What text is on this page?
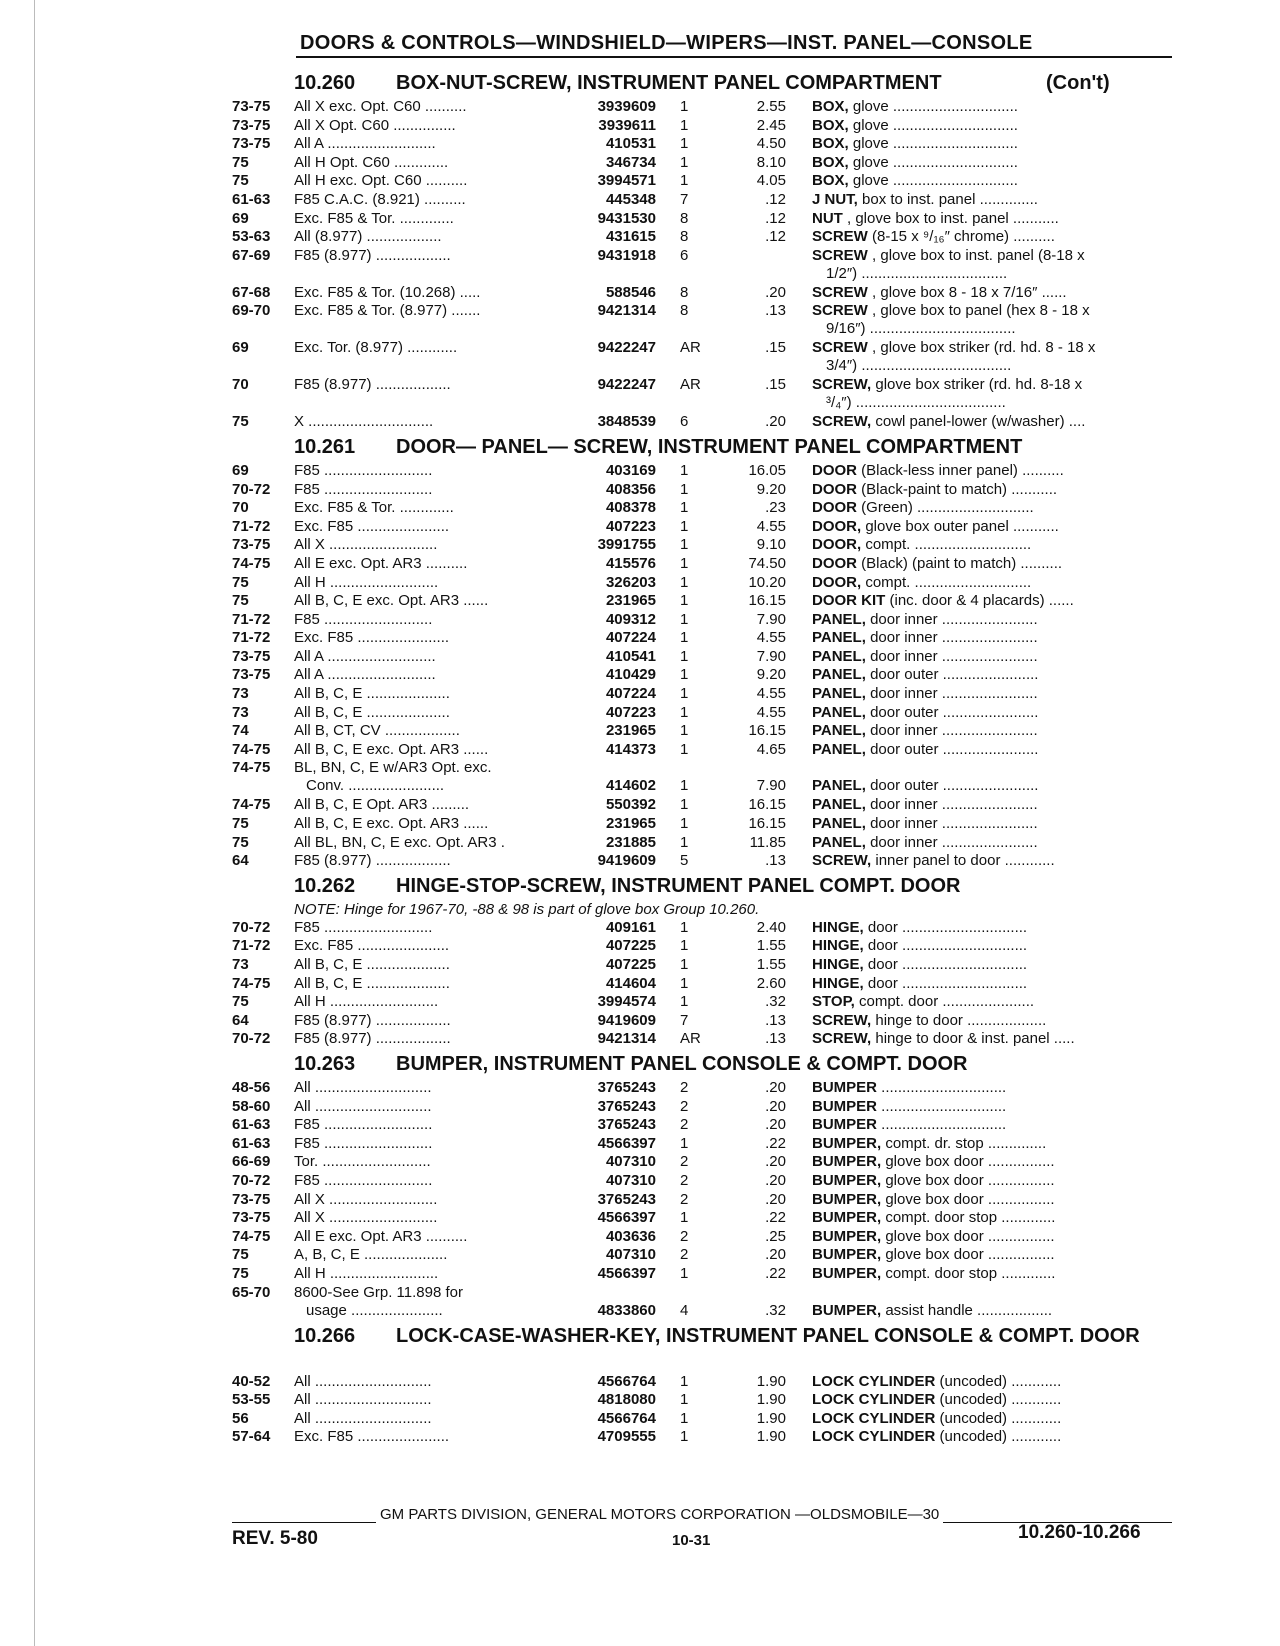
DOORS & CONTROLS—WINDSHIELD—WIPERS—INST. PANEL—CONSOLE
10.260 BOX-NUT-SCREW, INSTRUMENT PANEL COMPARTMENT	(Con't)
73-75 All X exc. Opt. C60 ..........	3939609 1	2.55 BOX, glove ..............................
73-75 All X Opt. C60 ...............	3939611 1	2.45 BOX, glove ..............................
73-75 All A ..........................	410531 1	4.50 BOX, glove ..............................
75	All H Opt. C60 .............	346734 1	8.10 BOX, glove ..............................
75	All H exc. Opt. C60 ..........	3994571 1	4.05 BOX, glove ..............................
61-63 F85 C.A.C. (8.921) ..........	445348 7	.12 J NUT, box to inst. panel ..............
69	Exc. F85 & Tor. .............	9431530 8	.12 NUT , glove box to inst. panel ...........
53-63 All (8.977) ..................	431615 8	.12 SCREW (8-15 x ⁹/₁₆″ chrome) ..........
67-69 F85 (8.977) ..................	9431918 6	SCREW , glove box to inst. panel (8-18 x
1/2″) ...................................
67-68 Exc. F85 & Tor. (10.268) .....	588546 8	.20 SCREW , glove box 8 - 18 x 7/16″ ......
69-70 Exc. F85 & Tor. (8.977) .......	9421314 8	.13 SCREW , glove box to panel (hex 8 - 18 x
9/16″) ...................................
69	Exc. Tor. (8.977) ............	9422247 AR	.15 SCREW , glove box striker (rd. hd. 8 - 18 x
3/4″) ....................................
70	F85 (8.977) ..................	9422247 AR	.15 SCREW, glove box striker (rd. hd. 8-18 x
³/₄″) ....................................
75	X ..............................	3848539 6	.20 SCREW, cowl panel-lower (w/washer) ....
10.261 DOOR— PANEL— SCREW, INSTRUMENT PANEL COMPARTMENT
69	F85 ..........................	403169 1	16.05 DOOR (Black-less inner panel) ..........
70-72 F85 ..........................	408356 1	9.20 DOOR (Black-paint to match) ...........
70	Exc. F85 & Tor. .............	408378 1	.23 DOOR (Green) ............................
71-72 Exc. F85 ......................	407223 1	4.55 DOOR, glove box outer panel ...........
73-75 All X ..........................	3991755 1	9.10 DOOR, compt. ............................
74-75 All E exc. Opt. AR3 ..........	415576 1	74.50 DOOR (Black) (paint to match) ..........
75	All H ..........................	326203 1	10.20 DOOR, compt. ............................
75	All B, C, E exc. Opt. AR3 ......	231965 1	16.15 DOOR KIT (inc. door & 4 placards) ......
71-72 F85 ..........................	409312 1	7.90 PANEL, door inner .......................
71-72 Exc. F85 ......................	407224 1	4.55 PANEL, door inner .......................
73-75 All A ..........................	410541 1	7.90 PANEL, door inner .......................
73-75 All A ..........................	410429 1	9.20 PANEL, door outer .......................
73	All B, C, E ....................	407224 1	4.55 PANEL, door inner .......................
73	All B, C, E ....................	407223 1	4.55 PANEL, door outer .......................
74	All B, CT, CV ..................	231965 1	16.15 PANEL, door inner .......................
74-75 All B, C, E exc. Opt. AR3 ......	414373 1	4.65 PANEL, door outer .......................
74-75 BL, BN, C, E w/AR3 Opt. exc.
Conv. .......................	414602 1	7.90 PANEL, door outer .......................
74-75 All B, C, E Opt. AR3 .........	550392 1	16.15 PANEL, door inner .......................
75	All B, C, E exc. Opt. AR3 ......	231965 1	16.15 PANEL, door inner .......................
75	All BL, BN, C, E exc. Opt. AR3 .	231885 1	11.85 PANEL, door inner .......................
64	F85 (8.977) ..................	9419609 5	.13 SCREW, inner panel to door ............
10.262 HINGE-STOP-SCREW, INSTRUMENT PANEL COMPT. DOOR
NOTE: Hinge for 1967-70, -88 & 98 is part of glove box Group 10.260.
70-72 F85 ..........................	409161 1	2.40 HINGE, door ..............................
71-72 Exc. F85 ......................	407225 1	1.55 HINGE, door ..............................
73	All B, C, E ....................	407225 1	1.55 HINGE, door ..............................
74-75 All B, C, E ....................	414604 1	2.60 HINGE, door ..............................
75	All H ..........................	3994574 1	.32 STOP, compt. door ......................
64	F85 (8.977) ..................	9419609 7	.13 SCREW, hinge to door ...................
70-72 F85 (8.977) ..................	9421314 AR	.13 SCREW, hinge to door & inst. panel .....
10.263 BUMPER, INSTRUMENT PANEL CONSOLE & COMPT. DOOR
48-56 All ............................	3765243 2	.20 BUMPER ..............................
58-60 All ............................	3765243 2	.20 BUMPER ..............................
61-63 F85 ..........................	3765243 2	.20 BUMPER ..............................
61-63 F85 ..........................	4566397 1	.22 BUMPER, compt. dr. stop ..............
66-69 Tor. ..........................	407310 2	.20 BUMPER, glove box door ................
70-72 F85 ..........................	407310 2	.20 BUMPER, glove box door ................
73-75 All X ..........................	3765243 2	.20 BUMPER, glove box door ................
73-75 All X ..........................	4566397 1	.22 BUMPER, compt. door stop .............
74-75 All E exc. Opt. AR3 ..........	403636 2	.25 BUMPER, glove box door ................
75	A, B, C, E ....................	407310 2	.20 BUMPER, glove box door ................
75	All H ..........................	4566397 1	.22 BUMPER, compt. door stop .............
65-70 8600-See Grp. 11.898 for
usage ......................	4833860 4	.32 BUMPER, assist handle ..................
10.266 LOCK-CASE-WASHER-KEY, INSTRUMENT PANEL CONSOLE & COMPT. DOOR
40-52 All ............................	4566764 1	1.90 LOCK CYLINDER (uncoded) ............
53-55 All ............................	4818080 1	1.90 LOCK CYLINDER (uncoded) ............
56	All ............................	4566764 1	1.90 LOCK CYLINDER (uncoded) ............
57-64 Exc. F85 ......................	4709555 1	1.90 LOCK CYLINDER (uncoded) ............
GM PARTS DIVISION, GENERAL MOTORS CORPORATION —OLDSMOBILE—30
REV. 5-80	10-31	10.260-10.266
